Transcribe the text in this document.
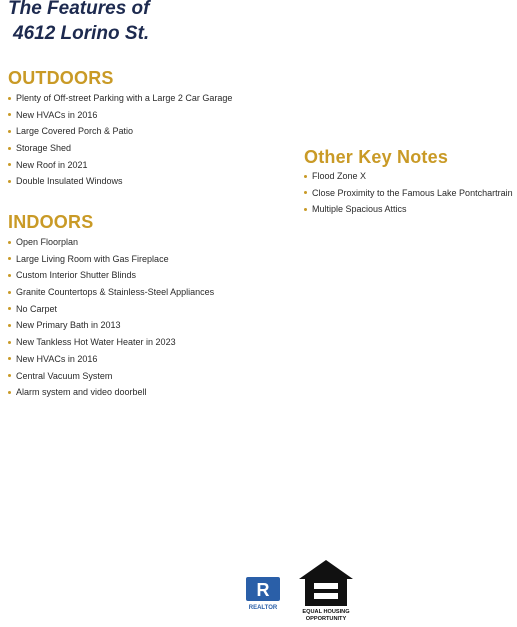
The Features of
4612 Lorino St.
OUTDOORS
Plenty of Off-street Parking with a Large 2 Car Garage
New HVACs in 2016
Large Covered Porch & Patio
Storage Shed
New Roof in 2021
Double Insulated Windows
INDOORS
Open Floorplan
Large Living Room with Gas Fireplace
Custom Interior Shutter Blinds
Granite Countertops & Stainless-Steel Appliances
No Carpet
New Primary Bath in 2013
New Tankless Hot Water Heater in 2023
New HVACs in 2016
Central Vacuum System
Alarm system and video doorbell
Other Key Notes
Flood Zone X
Close Proximity to the Famous Lake Pontchartrain
Multiple Spacious Attics
R
REALTOR
EQUAL HOUSING
OPPORTUNITY
